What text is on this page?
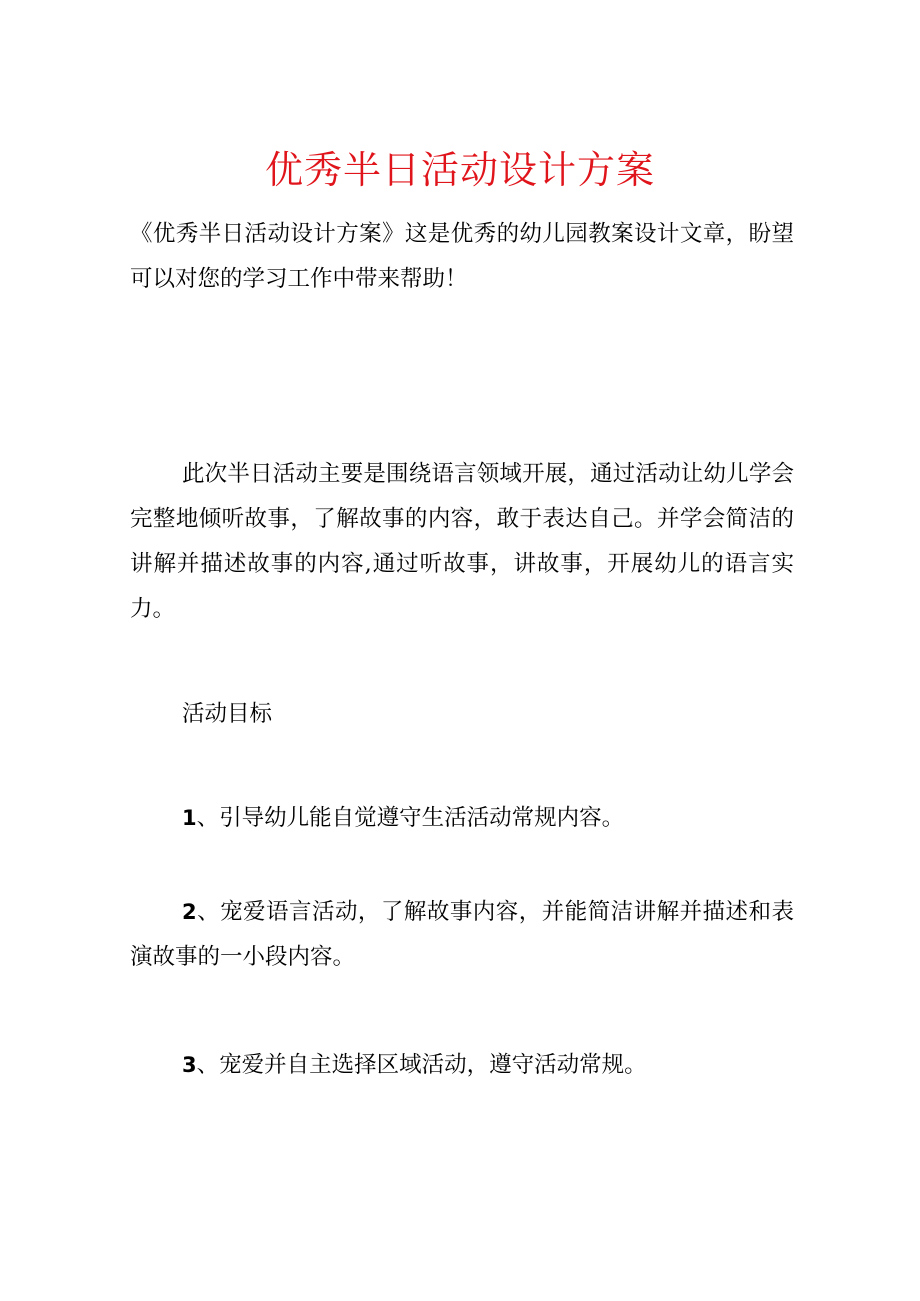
优秀半日活动设计方案

《优秀半日活动设计方案》这是优秀的幼儿园教案设计文章，盼望可以对您的学习工作中带来帮助！

此次半日活动主要是围绕语言领域开展，通过活动让幼儿学会完整地倾听故事，了解故事的内容，敢于表达自己。并学会简洁的讲解并描述故事的内容,通过听故事，讲故事，开展幼儿的语言实力。

活动目标

1、引导幼儿能自觉遵守生活活动常规内容。

2、宠爱语言活动，了解故事内容，并能简洁讲解并描述和表演故事的一小段内容。

3、宠爱并自主选择区域活动，遵守活动常规。
